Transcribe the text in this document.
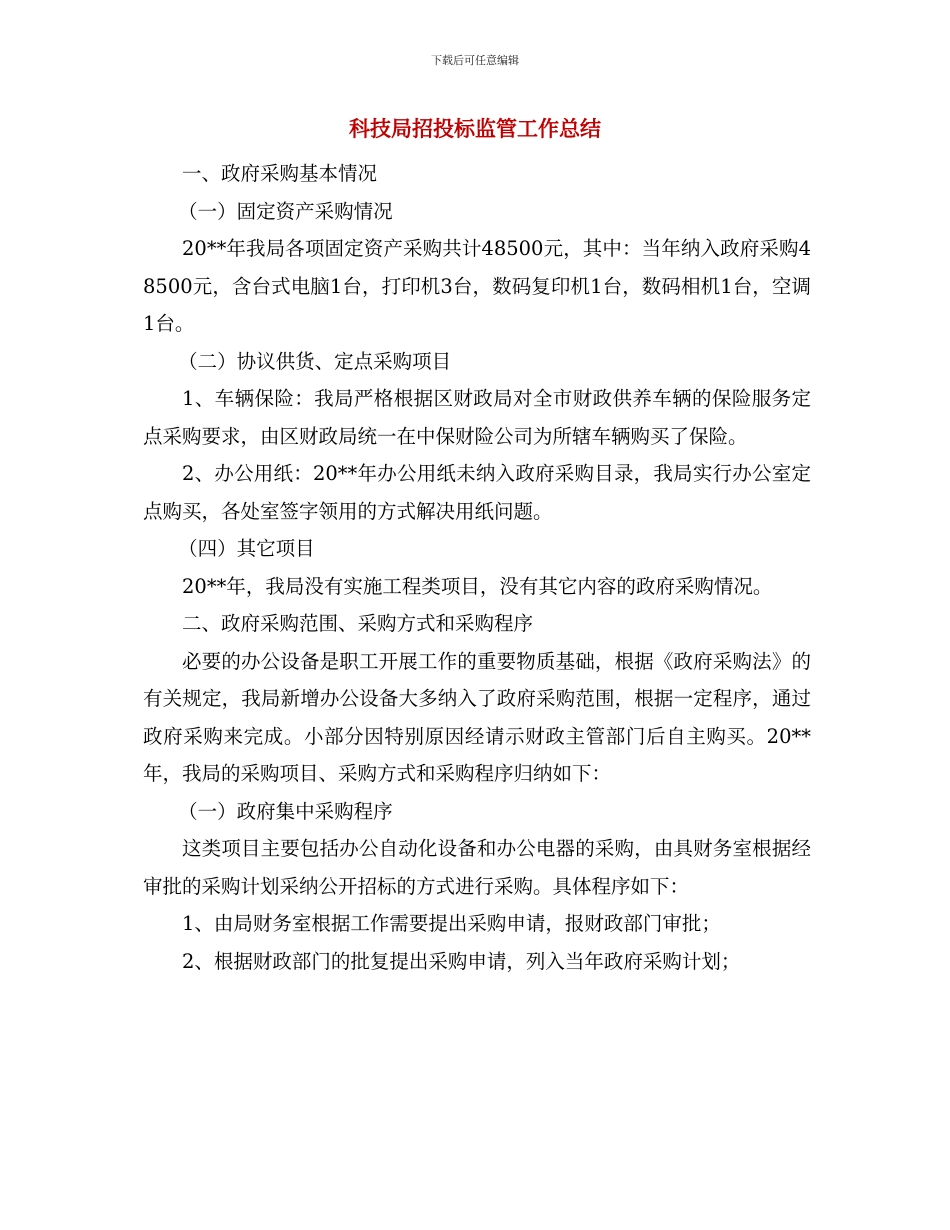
下载后可任意编辑
科技局招投标监管工作总结

一、政府采购基本情况

（一）固定资产采购情况

20**年我局各项固定资产采购共计48500元，其中：当年纳入政府采购48500元，含台式电脑1台，打印机3台，数码复印机1台，数码相机1台，空调1台。

（二）协议供货、定点采购项目

1、车辆保险：我局严格根据区财政局对全市财政供养车辆的保险服务定点采购要求，由区财政局统一在中保财险公司为所辖车辆购买了保险。

2、办公用纸：20**年办公用纸未纳入政府采购目录，我局实行办公室定点购买，各处室签字领用的方式解决用纸问题。

（四）其它项目

20**年，我局没有实施工程类项目，没有其它内容的政府采购情况。

二、政府采购范围、采购方式和采购程序

必要的办公设备是职工开展工作的重要物质基础，根据《政府采购法》的有关规定，我局新增办公设备大多纳入了政府采购范围，根据一定程序，通过政府采购来完成。小部分因特别原因经请示财政主管部门后自主购买。20**年，我局的采购项目、采购方式和采购程序归纳如下：

（一）政府集中采购程序

这类项目主要包括办公自动化设备和办公电器的采购，由具财务室根据经审批的采购计划采纳公开招标的方式进行采购。具体程序如下：

1、由局财务室根据工作需要提出采购申请，报财政部门审批；

2、根据财政部门的批复提出采购申请，列入当年政府采购计划；
